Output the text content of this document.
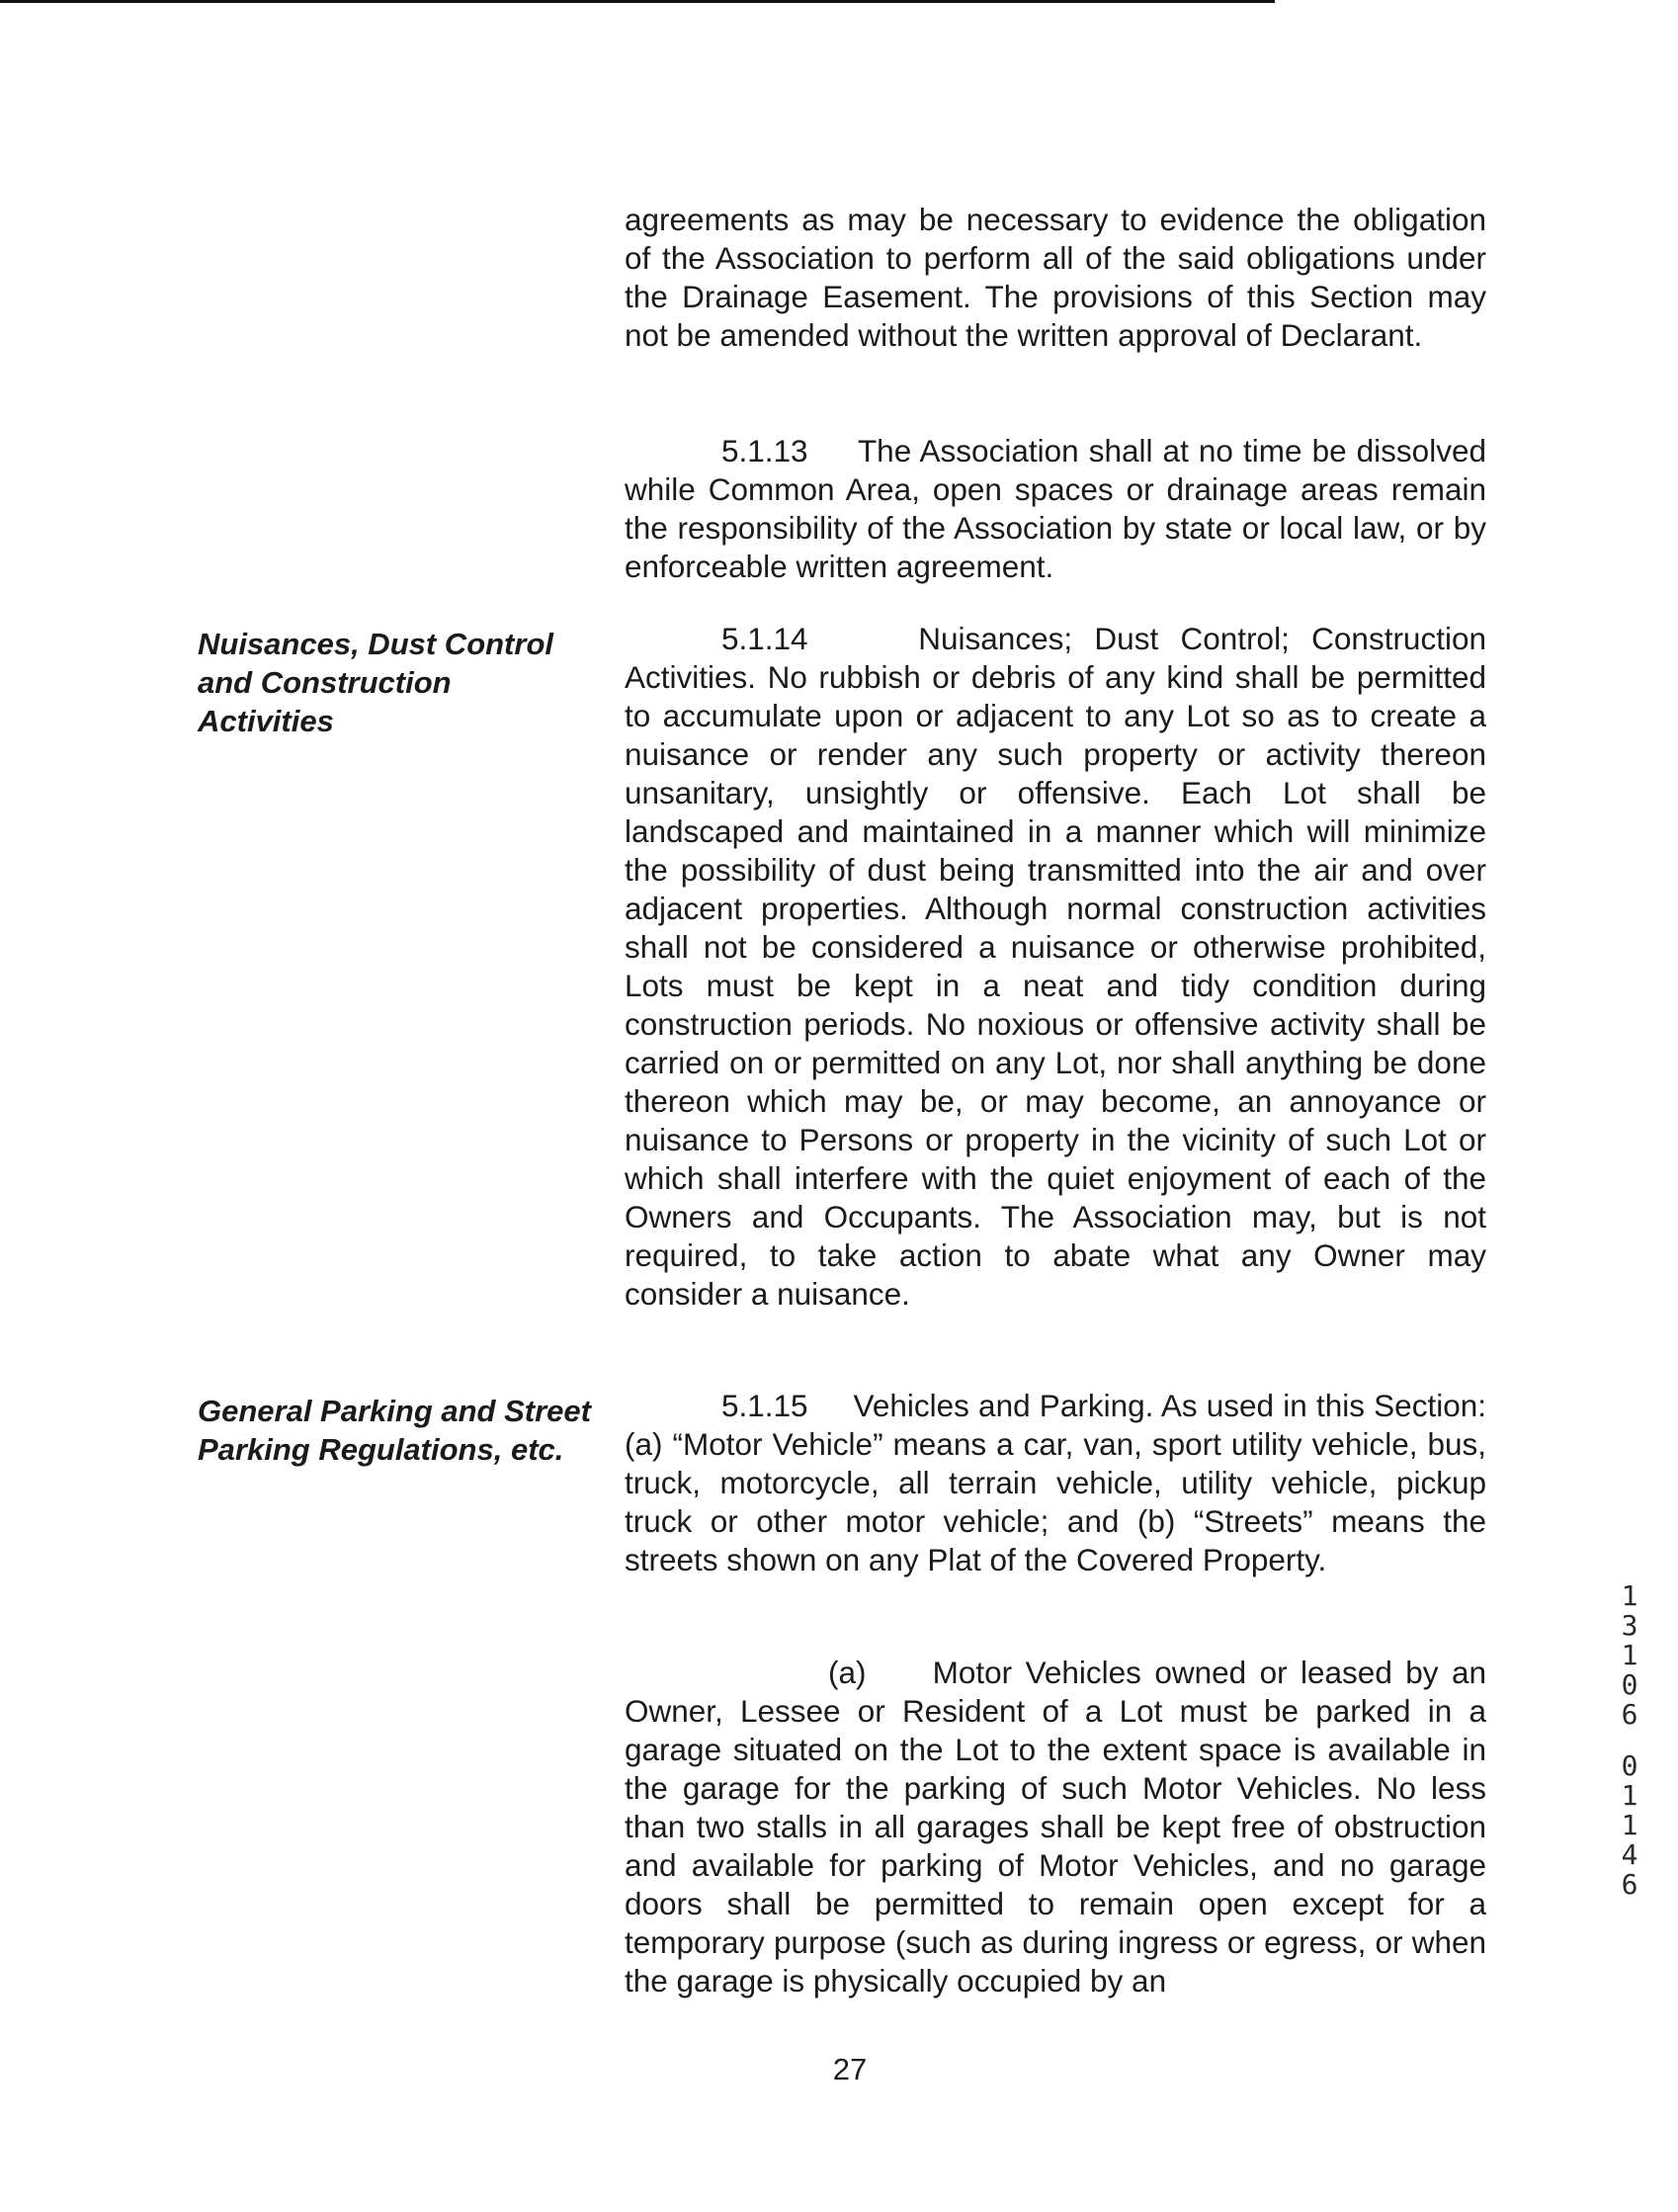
agreements as may be necessary to evidence the obligation of the Association to perform all of the said obligations under the Drainage Easement. The provisions of this Section may not be amended without the written approval of Declarant.

5.1.13 The Association shall at no time be dissolved while Common Area, open spaces or drainage areas remain the responsibility of the Association by state or local law, or by enforceable written agreement.

Nuisances, Dust Control and Construction Activities

5.1.14	Nuisances; Dust Control; Construction Activities. No rubbish or debris of any kind shall be permitted to accumulate upon or adjacent to any Lot so as to create a nuisance or render any such property or activity thereon unsanitary, unsightly or offensive. Each Lot shall be landscaped and maintained in a manner which will minimize the possibility of dust being transmitted into the air and over adjacent properties. Although normal construction activities shall not be considered a nuisance or otherwise prohibited, Lots must be kept in a neat and tidy condition during construction periods. No noxious or offensive activity shall be carried on or permitted on any Lot, nor shall anything be done thereon which may be, or may become, an annoyance or nuisance to Persons or property in the vicinity of such Lot or which shall interfere with the quiet enjoyment of each of the Owners and Occupants. The Association may, but is not required, to take action to abate what any Owner may consider a nuisance.

General Parking and Street Parking Regulations, etc.

5.1.15 Vehicles and Parking. As used in this Section: (a) “Motor Vehicle” means a car, van, sport utility vehicle, bus, truck, motorcycle, all terrain vehicle, utility vehicle, pickup truck or other motor vehicle; and (b) “Streets” means the streets shown on any Plat of the Covered Property.

(a) Motor Vehicles owned or leased by an Owner, Lessee or Resident of a Lot must be parked in a garage situated on the Lot to the extent space is available in the garage for the parking of such Motor Vehicles. No less than two stalls in all garages shall be kept free of obstruction and available for parking of Motor Vehicles, and no garage doors shall be permitted to remain open except for a temporary purpose (such as during ingress or egress, or when the garage is physically occupied by an

1
3
1
0
6
0
1
1
4
6

27
